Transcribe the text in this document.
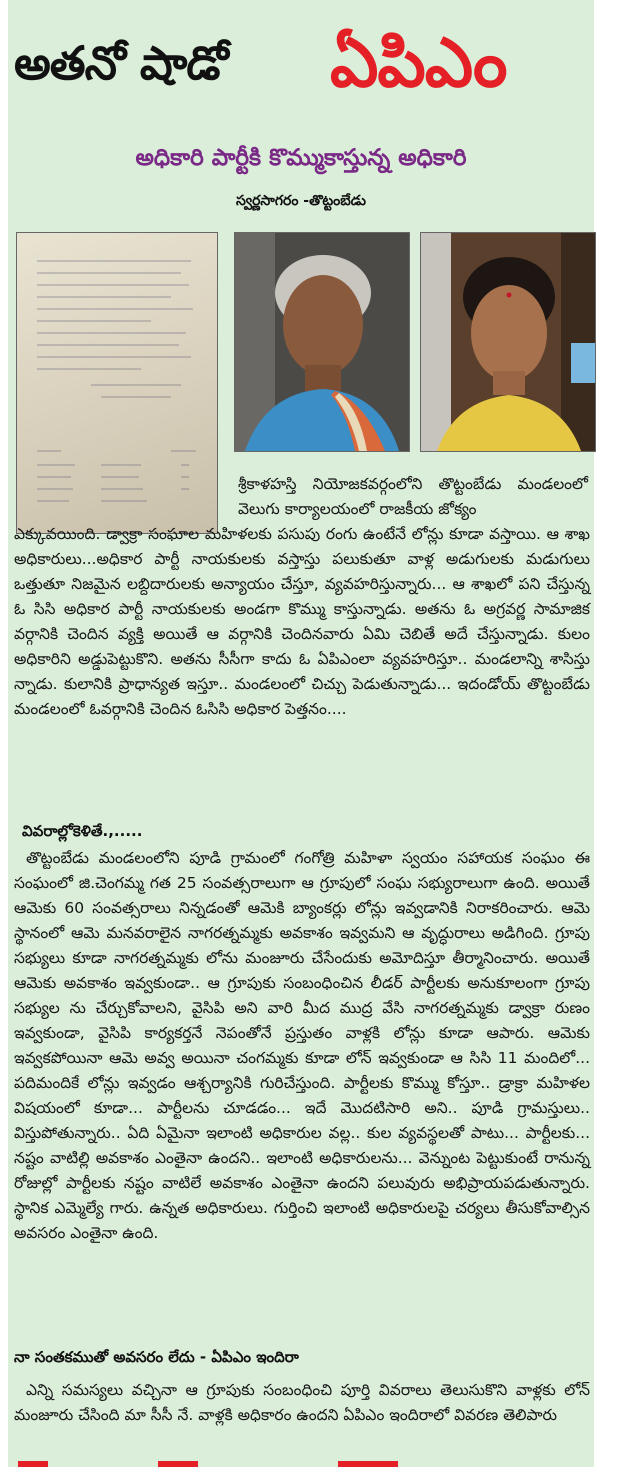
అతనో షాడో ఏపిఎం
అధికారి పార్టీకి కొమ్ముకాస్తున్న అధికారి
స్వర్ణసాగరం -తొట్టంబేడు
శ్రీకాళహస్తి నియోజకవర్గంలోని తొట్టంబేడు మండలంలో వెలుగు కార్యాలయంలో రాజకీయ జోక్యం
ఎక్కువయింది. డ్వాక్రా సంఘాల మహిళలకు పసుపు రంగు ఉంటేనే లోన్లు కూడా వస్తాయి. ఆ శాఖ అధికారులు...అధికార పార్టీ నాయకులకు వస్తాస్తు పలుకుతూ వాళ్ల అడుగులకు మడుగులు ఒత్తుతూ నిజమైన లబ్దిదారులకు అన్యాయం చేస్తూ, వ్యవహరిస్తున్నారు... ఆ శాఖలో పని చేస్తున్న ఓ సిసి అధికార పార్టీ నాయకులకు అండగా కొమ్ము కాస్తున్నాడు. అతను ఓ అగ్రవర్ణ సామాజిక వర్గానికి చెందిన వ్యక్తి అయితే ఆ వర్గానికి చెందినవారు ఏమి చెబితే అదే చేస్తున్నాడు. కులం అధికారిని అడ్డుపెట్టుకొని. అతను సీసీగా కాదు ఓ ఏపిఎంలా వ్యవహరిస్తూ.. మండలాన్ని శాసిస్తు న్నాడు. కులానికి ప్రాధాన్యత ఇస్తూ.. మండలంలో చిచ్చు పెడుతున్నాడు... ఇదండోయ్ తొట్టంబేడు మండలంలో ఓవర్గానికి చెందిన ఓసిసి అధికార పెత్తనం....
వివరాల్లోకెళితే.,.....
తొట్టంబేడు మండలంలోని పూడి గ్రామంలో గంగోత్రి మహిళా స్వయం సహాయక సంఘం ఈ సంఘంలో జి.చెంగమ్మ గత 25 సంవత్సరాలుగా ఆ గ్రూపులో సంఘ సభ్యురాలుగా ఉంది. అయితే ఆమెకు 60 సంవత్సరాలు నిన్నడంతో ఆమెకి బ్యాంకర్లు లోన్లు ఇవ్వడానికి నిరాకరించారు. ఆమె స్థానంలో ఆమె మనవరాలైన నాగరత్నమ్మకు అవకాశం ఇవ్వమని ఆ వృద్ధురాలు అడిగింది. గ్రూపు సభ్యులు కూడా నాగరత్నమ్మకు లోను మంజూరు చేసేందుకు అమోదిస్తూ తీర్మానించారు. అయితే ఆమెకు అవకాశం ఇవ్వకుండా.. ఆ గ్రూపుకు సంబంధించిన లీడర్ పార్టీలకు అనుకూలంగా గ్రూపు సభ్యుల ను చేర్చుకోవాలని, వైసిపి అని వారి మీద ముద్ర వేసి నాగరత్నమ్మకు డ్వాక్రా రుణం ఇవ్వకుండా, వైసిపి కార్యకర్తనే నెపంతోనే ప్రస్తుతం వాళ్లకి లోన్లు కూడా ఆపారు. ఆమెకు ఇవ్వకపోయినా ఆమె అవ్వ అయినా చంగమ్మకు కూడా లోన్ ఇవ్వకుండా ఆ సిసి 11 మందిలో... పదిమందికే లోన్లు ఇవ్వడం ఆశ్చర్యానికి గురిచేస్తుంది. పార్టీలకు కొమ్ము కోస్తూ.. డ్రాక్రా మహిళల విషయంలో కూడా... పార్టీలను చూడడం... ఇదే మొదటిసారి అని.. పూడి గ్రామస్తులు.. విస్తుపోతున్నారు.. ఏది ఏమైనా ఇలాంటి అధికారుల వల్ల.. కుల వ్యవస్థలతో పాటు... పార్టీలకు... నష్టం వాటిల్లి అవకాశం ఎంతైనా ఉందని.. ఇలాంటి అధికారులను... వెన్నుంట పెట్టుకుంటే రానున్న రోజుల్లో పార్టీలకు నష్టం వాటిలే అవకాశం ఎంతైనా ఉందని పలువురు అభిప్రాయపడుతున్నారు. స్థానిక ఎమ్మెల్యే గారు. ఉన్నత అధికారులు. గుర్తించి ఇలాంటి అధికారులపై చర్యలు తీసుకోవాల్సిన అవసరం ఎంతైనా ఉంది.
నా సంతకముతో అవసరం లేదు - ఏపిఎం ఇందిరా
ఎన్ని సమస్యలు వచ్చినా ఆ గ్రూపుకు సంబంధించి పూర్తి వివరాలు తెలుసుకొని వాళ్లకు లోన్ మంజూరు చేసింది మా సీసీ నే. వాళ్లకి అధికారం ఉందని ఏపిఎం ఇందిరాలో వివరణ తెలిపారు
